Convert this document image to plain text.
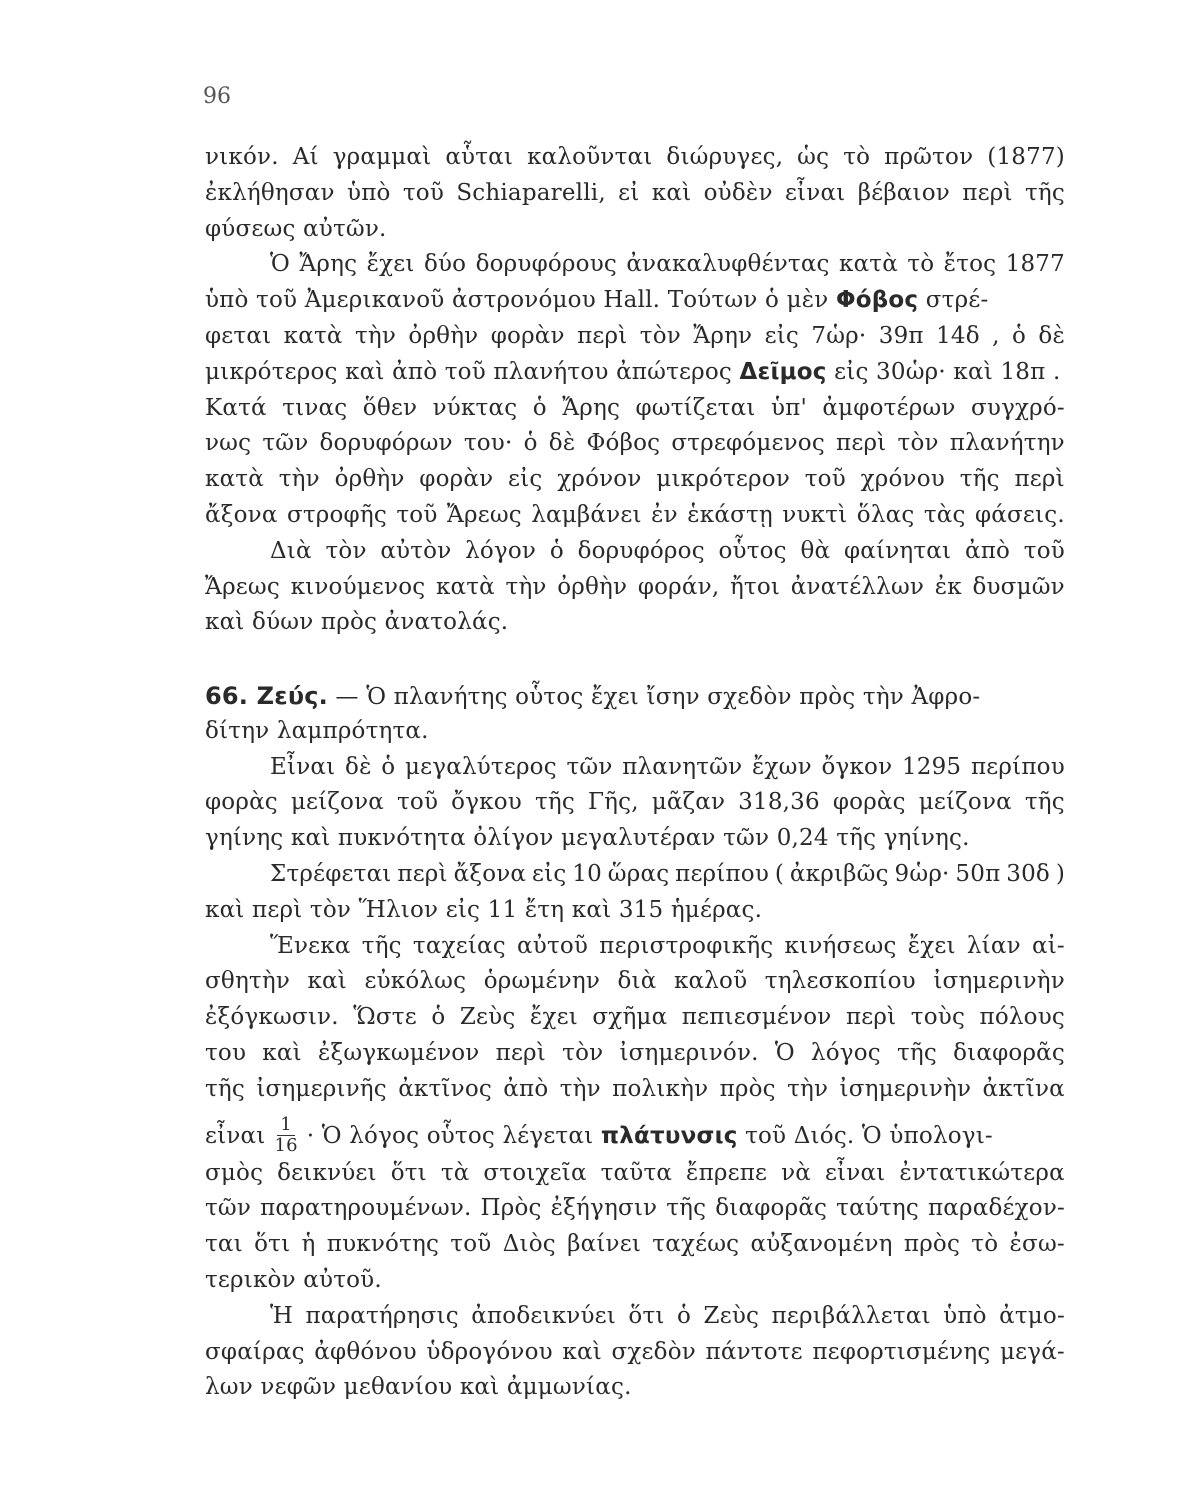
96
νικόν. Αί γραμμαὶ αὗται καλοῦνται διώρυγες, ὡς τὸ πρῶτον (1877)
ἐκλήθησαν ὑπὸ τοῦ Schiaparelli, εἰ καὶ οὐδὲν εἶναι βέβαιον περὶ τῆς
φύσεως αὐτῶν.
Ὁ Ἄρης ἔχει δύο δορυφόρους ἀνακαλυφθέντας κατὰ τὸ ἔτος 1877
ὑπὸ τοῦ Ἀμερικανοῦ ἀστρονόμου Hall. Τούτων ὁ μὲν Φόβος στρέ-
φεται κατὰ τὴν ὀρθὴν φορὰν περὶ τὸν Ἄρην εἰς 7ὡρ· 39π 14δ , ὁ δὲ
μικρότερος καὶ ἀπὸ τοῦ πλανήτου ἀπώτερος Δεῖμος εἰς 30ὡρ· καὶ 18π .
Κατά τινας ὅθεν νύκτας ὁ Ἄρης φωτίζεται ὑπ' ἀμφοτέρων συγχρό-
νως τῶν δορυφόρων του· ὁ δὲ Φόβος στρεφόμενος περὶ τὸν πλανήτην
κατὰ τὴν ὀρθὴν φορὰν εἰς χρόνον μικρότερον τοῦ χρόνου τῆς περὶ
ἄξονα στροφῆς τοῦ Ἄρεως λαμβάνει ἐν ἑκάστῃ νυκτὶ ὅλας τὰς φάσεις.
Διὰ τὸν αὐτὸν λόγον ὁ δορυφόρος οὗτος θὰ φαίνηται ἀπὸ τοῦ
Ἄρεως κινούμενος κατὰ τὴν ὀρθὴν φοράν, ἤτοι ἀνατέλλων ἐκ δυσμῶν
καὶ δύων πρὸς ἀνατολάς.
66. Ζεύς. — Ὁ πλανήτης οὗτος ἔχει ἴσην σχεδὸν πρὸς τὴν Ἀφρο-
δίτην λαμπρότητα.
Εἶναι δὲ ὁ μεγαλύτερος τῶν πλανητῶν ἔχων ὄγκον 1295 περίπου
φορὰς μείζονα τοῦ ὄγκου τῆς Γῆς, μᾶζαν 318,36 φορὰς μείζονα τῆς
γηίνης καὶ πυκνότητα ὀλίγον μεγαλυτέραν τῶν 0,24 τῆς γηίνης.
Στρέφεται περὶ ἄξονα εἰς 10 ὥρας περίπου ( ἀκριβῶς 9ὡρ· 50π 30δ )
καὶ περὶ τὸν Ἥλιον εἰς 11 ἔτη καὶ 315 ἡμέρας.
Ἕνεκα τῆς ταχείας αὐτοῦ περιστροφικῆς κινήσεως ἔχει λίαν αἰ-
σθητὴν καὶ εὐκόλως ὁρωμένην διὰ καλοῦ τηλεσκοπίου ἰσημερινὴν
ἐξόγκωσιν. Ὥστε ὁ Ζεὺς ἔχει σχῆμα πεπιεσμένον περὶ τοὺς πόλους
του καὶ ἐξωγκωμένον περὶ τὸν ἰσημερινόν. Ὁ λόγος τῆς διαφορᾶς
τῆς ἰσημερινῆς ἀκτῖνος ἀπὸ τὴν πολικὴν πρὸς τὴν ἰσημερινὴν ἀκτῖνα
εἶναι $\frac{1}{16}$ · Ὁ λόγος οὗτος λέγεται πλάτυνσις τοῦ Διός. Ὁ ὑπολογι-
σμὸς δεικνύει ὅτι τὰ στοιχεῖα ταῦτα ἔπρεπε νὰ εἶναι ἐντατικώτερα
τῶν παρατηρουμένων. Πρὸς ἐξήγησιν τῆς διαφορᾶς ταύτης παραδέχον-
ται ὅτι ἡ πυκνότης τοῦ Διὸς βαίνει ταχέως αὐξανομένη πρὸς τὸ ἐσω-
τερικὸν αὐτοῦ.
Ἡ παρατήρησις ἀποδεικνύει ὅτι ὁ Ζεὺς περιβάλλεται ὑπὸ ἀτμο-
σφαίρας ἀφθόνου ὑδρογόνου καὶ σχεδὸν πάντοτε πεφορτισμένης μεγά-
λων νεφῶν μεθανίου καὶ ἀμμωνίας.
